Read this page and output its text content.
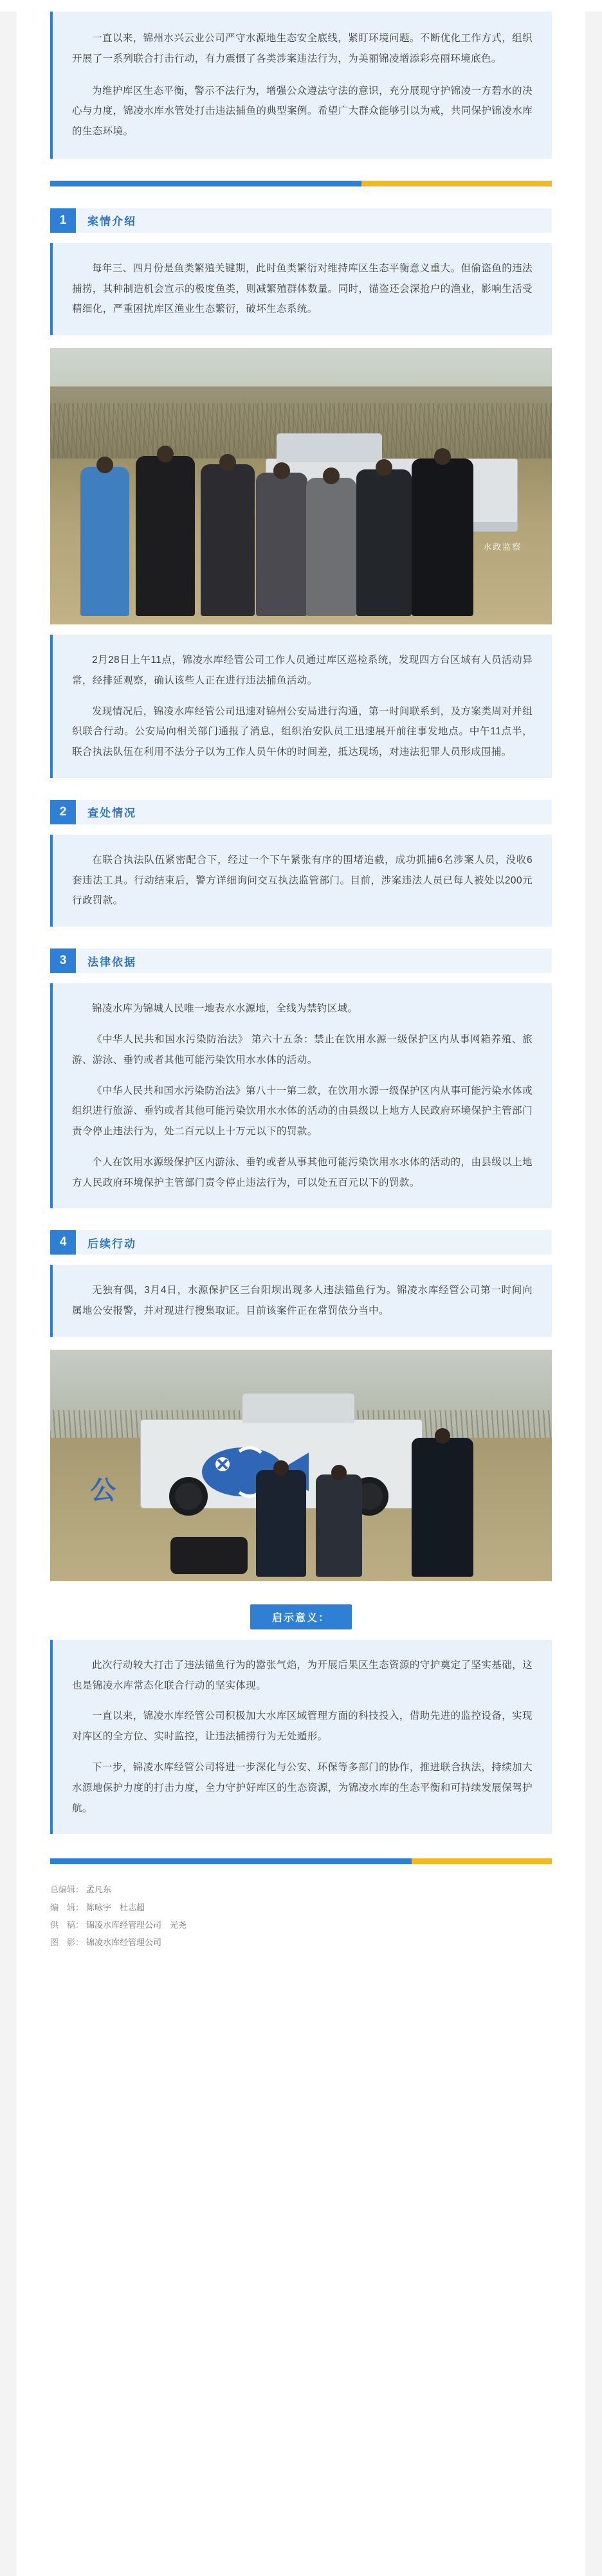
一直以来，锦州水兴云业公司严守水源地生态安全底线，紧盯环境问题。不断优化工作方式，组织开展了一系列联合打击行动，有力震慑了各类涉案违法行为，为美丽锦凌增添彩亮丽环境底色。

为维护库区生态平衡，警示不法行为，增强公众遵法守法的意识，充分展现守护锦凌一方碧水的决心与力度，锦凌水库水管处打击违法捕鱼的典型案例。希望广大群众能够引以为戒，共同保护锦凌水库的生态环境。

1	案情介绍

每年三、四月份是鱼类繁殖关键期，此时鱼类繁衍对维持库区生态平衡意义重大。但偷盗鱼的违法捕捞，其种制造机会宣示的极度鱼类，则减繁殖群体数量。同时，锚盗还会深抢户的渔业，影响生活受精细化，严重困扰库区渔业生态繁衍，破坏生态系统。

水政监察

2月28日上午11点，锦凌水库经管公司工作人员通过库区巡检系统，发现四方台区域有人员活动异常，经排延观察，确认该些人正在进行违法捕鱼活动。

发现情况后，锦凌水库经管公司迅速对锦州公安局进行沟通，第一时间联系到，及方案类周对并组织联合行动。公安局向相关部门通报了消息，组织治安队员工迅速展开前往事发地点。中午11点半，联合执法队伍在利用不法分子以为工作人员午休的时间差，抵达现场，对违法犯罪人员形成围捕。

2	查处情况

在联合执法队伍紧密配合下，经过一个下午紧张有序的围堵追截，成功抓捕6名涉案人员，没收6套违法工具。行动结束后，警方详细询问交互执法监管部门。目前，涉案违法人员已每人被处以200元行政罚款。

3	法律依据

锦凌水库为锦城人民唯一地表水水源地，全线为禁钓区域。

《中华人民共和国水污染防治法》 第六十五条：禁止在饮用水源一级保护区内从事网箱养殖、旅游、游泳、垂钓或者其他可能污染饮用水水体的活动。

《中华人民共和国水污染防治法》第八十一第二款，在饮用水源一级保护区内从事可能污染水体或组织进行旅游、垂钓或者其他可能污染饮用水水体的活动的由县级以上地方人民政府环境保护主管部门责令停止违法行为，处二百元以上十万元以下的罚款。

个人在饮用水源级保护区内游泳、垂钓或者从事其他可能污染饮用水水体的活动的，由县级以上地方人民政府环境保护主管部门责令停止违法行为，可以处五百元以下的罚款。

4	后续行动

无独有偶，3月4日，水源保护区三台阳坝出现多人违法锚鱼行为。锦凌水库经管公司第一时间向属地公安报警，并对现进行搜集取证。目前该案件正在常罚依分当中。

公
启示意义：

此次行动较大打击了违法锚鱼行为的嚣张气焰，为开展后果区生态资源的守护奠定了坚实基础，这也是锦凌水库常态化联合行动的坚实体现。

一直以来，锦凌水库经管公司积极加大水库区域管理方面的科技投入，借助先进的监控设备，实现对库区的全方位、实时监控，让违法捕捞行为无处遁形。

下一步，锦凌水库经管公司将进一步深化与公安、环保等多部门的协作，推进联合执法，持续加大水源地保护力度的打击力度，全力守护好库区的生态资源，为锦凌水库的生态平衡和可持续发展保驾护航。

总编辑： 孟凡东
编　辑： 陈咏宇　杜志超
供　稿： 锦凌水库经管理公司　光尧
图　影： 锦凌水库经管理公司
